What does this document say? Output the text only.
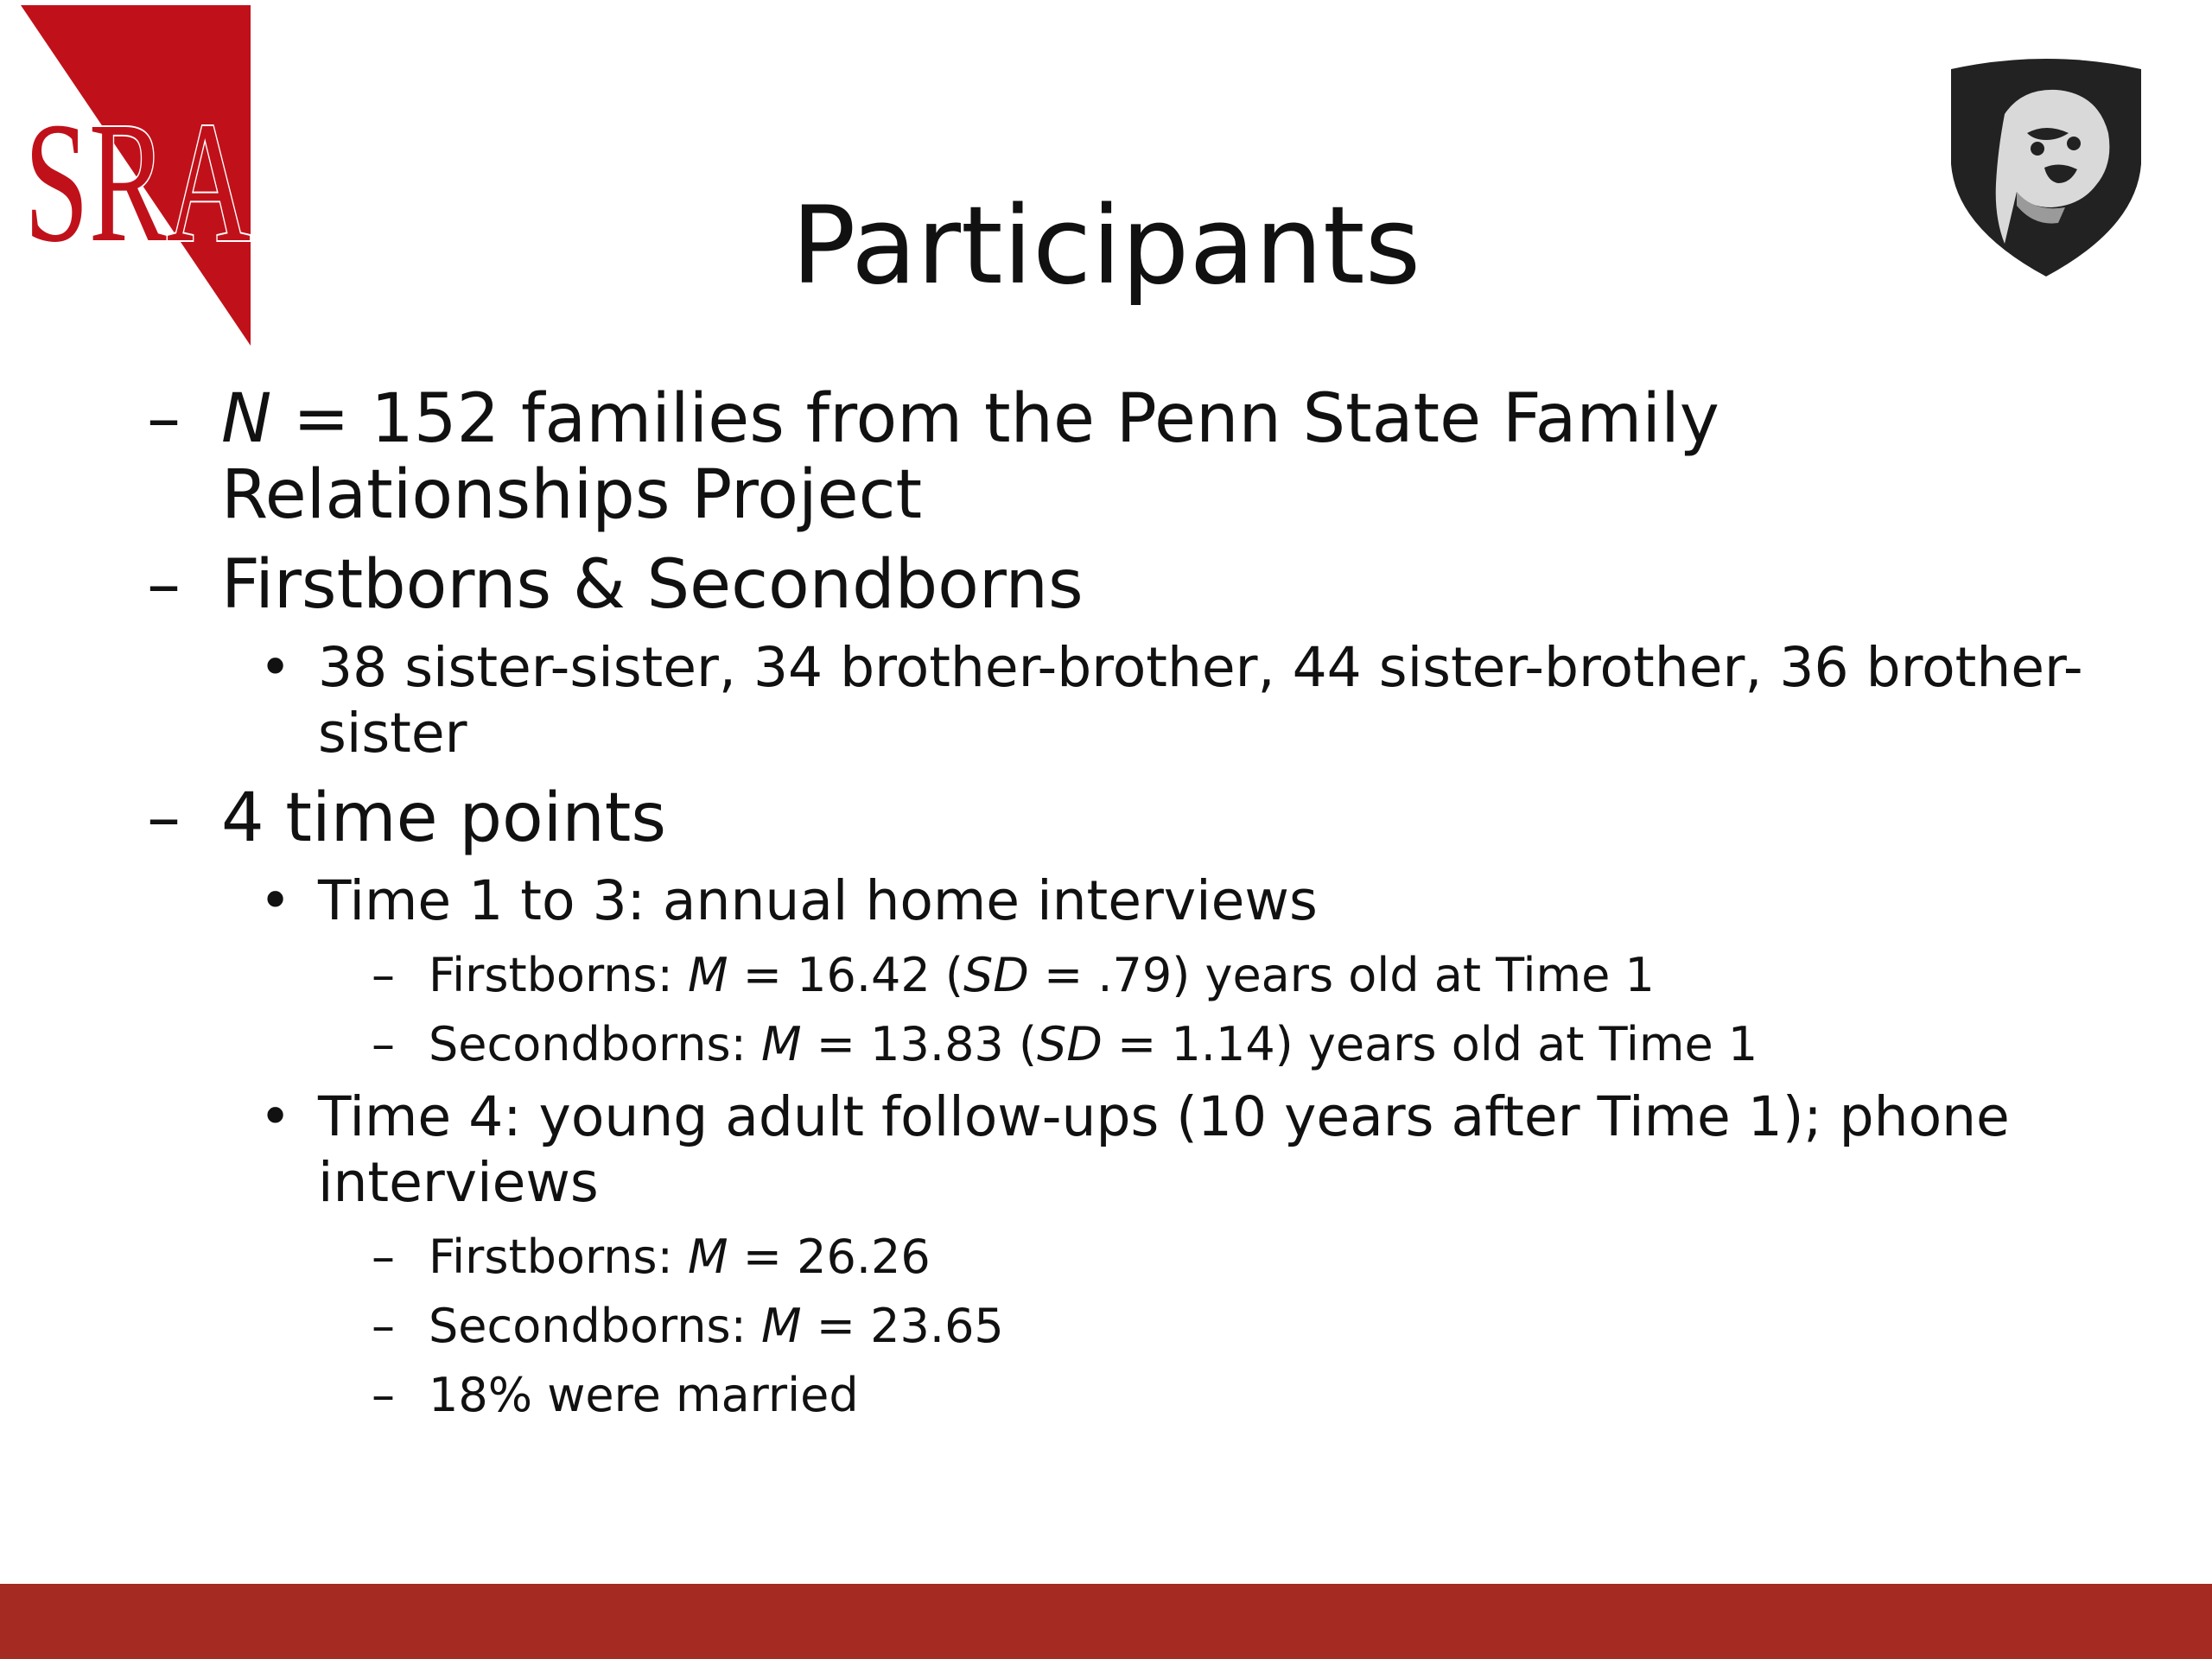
SRA	Participants
– N = 152 families from the Penn State Family Relationships Project
– Firstborns & Secondborns
• 38 sister-sister, 34 brother-brother, 44 sister-brother, 36 brother-sister
– 4 time points
• Time 1 to 3: annual home interviews
– Firstborns: M = 16.42 (SD = .79) years old at Time 1
– Secondborns: M = 13.83 (SD = 1.14) years old at Time 1
• Time 4: young adult follow-ups (10 years after Time 1); phone interviews
– Firstborns: M = 26.26
– Secondborns: M = 23.65
– 18% were married
